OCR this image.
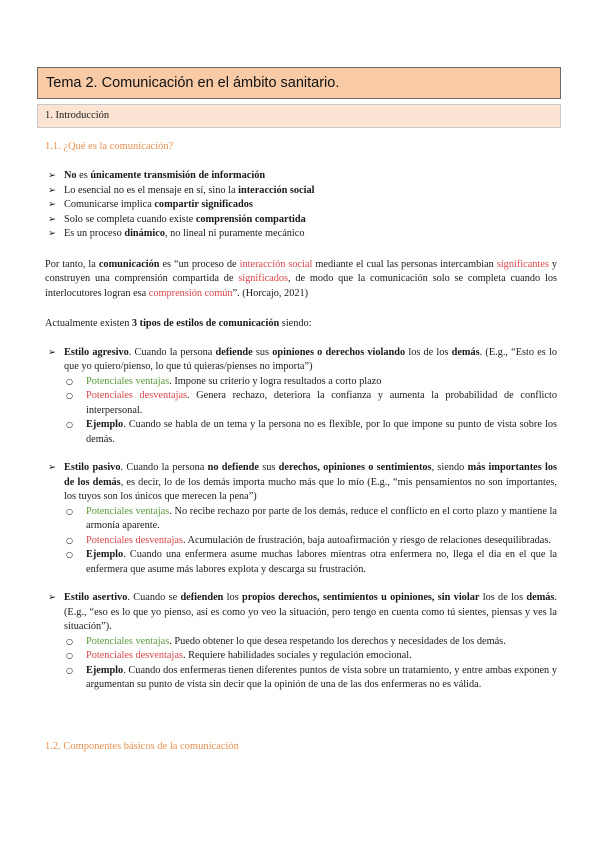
Tema 2. Comunicación en el ámbito sanitario.
1. Introducción
1.1. ¿Qué es la comunicación?
➢ No es únicamente transmisión de información
➢ Lo esencial no es el mensaje en sí, sino la interacción social
➢ Comunicarse implica compartir significados
➢ Solo se completa cuando existe comprensión compartida
➢ Es un proceso dinámico, no lineal ni puramente mecánico

Por tanto, la comunicación es “un proceso de interacción social mediante el cual las personas intercambian significantes y construyen una comprensión compartida de significados, de modo que la comunicación solo se completa cuando los interlocutores logran esa comprensión común”. (Horcajo, 2021)

Actualmente existen 3 tipos de estilos de comunicación siendo:

➢ Estilo agresivo. Cuando la persona defiende sus opiniones o derechos violando los de los demás. (E.g., “Esto es lo que yo quiero/pienso, lo que tú quieras/pienses no importa”)
○ Potenciales ventajas. Impone su criterio y logra resultados a corto plazo
○ Potenciales desventajas. Genera rechazo, deteriora la confianza y aumenta la probabilidad de conflicto interpersonal.
○ Ejemplo. Cuando se habla de un tema y la persona no es flexible, por lo que impone su punto de vista sobre los demás.
➢ Estilo pasivo. Cuando la persona no defiende sus derechos, opiniones o sentimientos, siendo más importantes los de los demás, es decir, lo de los demás importa mucho más que lo mío (E.g., “mis pensamientos no son importantes, los tuyos son los únicos que merecen la pena”)
○ Potenciales ventajas. No recibe rechazo por parte de los demás, reduce el conflicto en el corto plazo y mantiene la armonía aparente.
○ Potenciales desventajas. Acumulación de frustración, baja autoafirmación y riesgo de relaciones desequilibradas.
○ Ejemplo. Cuando una enfermera asume muchas labores mientras otra enfermera no, llega el día en el que la enfermera que asume más labores explota y descarga su frustración.
➢ Estilo asertivo. Cuando se defienden los propios derechos, sentimientos u opiniones, sin violar los de los demás. (E.g., “eso es lo que yo pienso, así es como yo veo la situación, pero tengo en cuenta como tú sientes, piensas y ves la situación”).
○ Potenciales ventajas. Puedo obtener lo que desea respetando los derechos y necesidades de los demás.
○ Potenciales desventajas. Requiere habilidades sociales y regulación emocional.
○ Ejemplo. Cuando dos enfermeras tienen diferentes puntos de vista sobre un tratamiento, y entre ambas exponen y argumentan su punto de vista sin decir que la opinión de una de las dos enfermeras no es válida.
1.2. Componentes básicos de la comunicación
